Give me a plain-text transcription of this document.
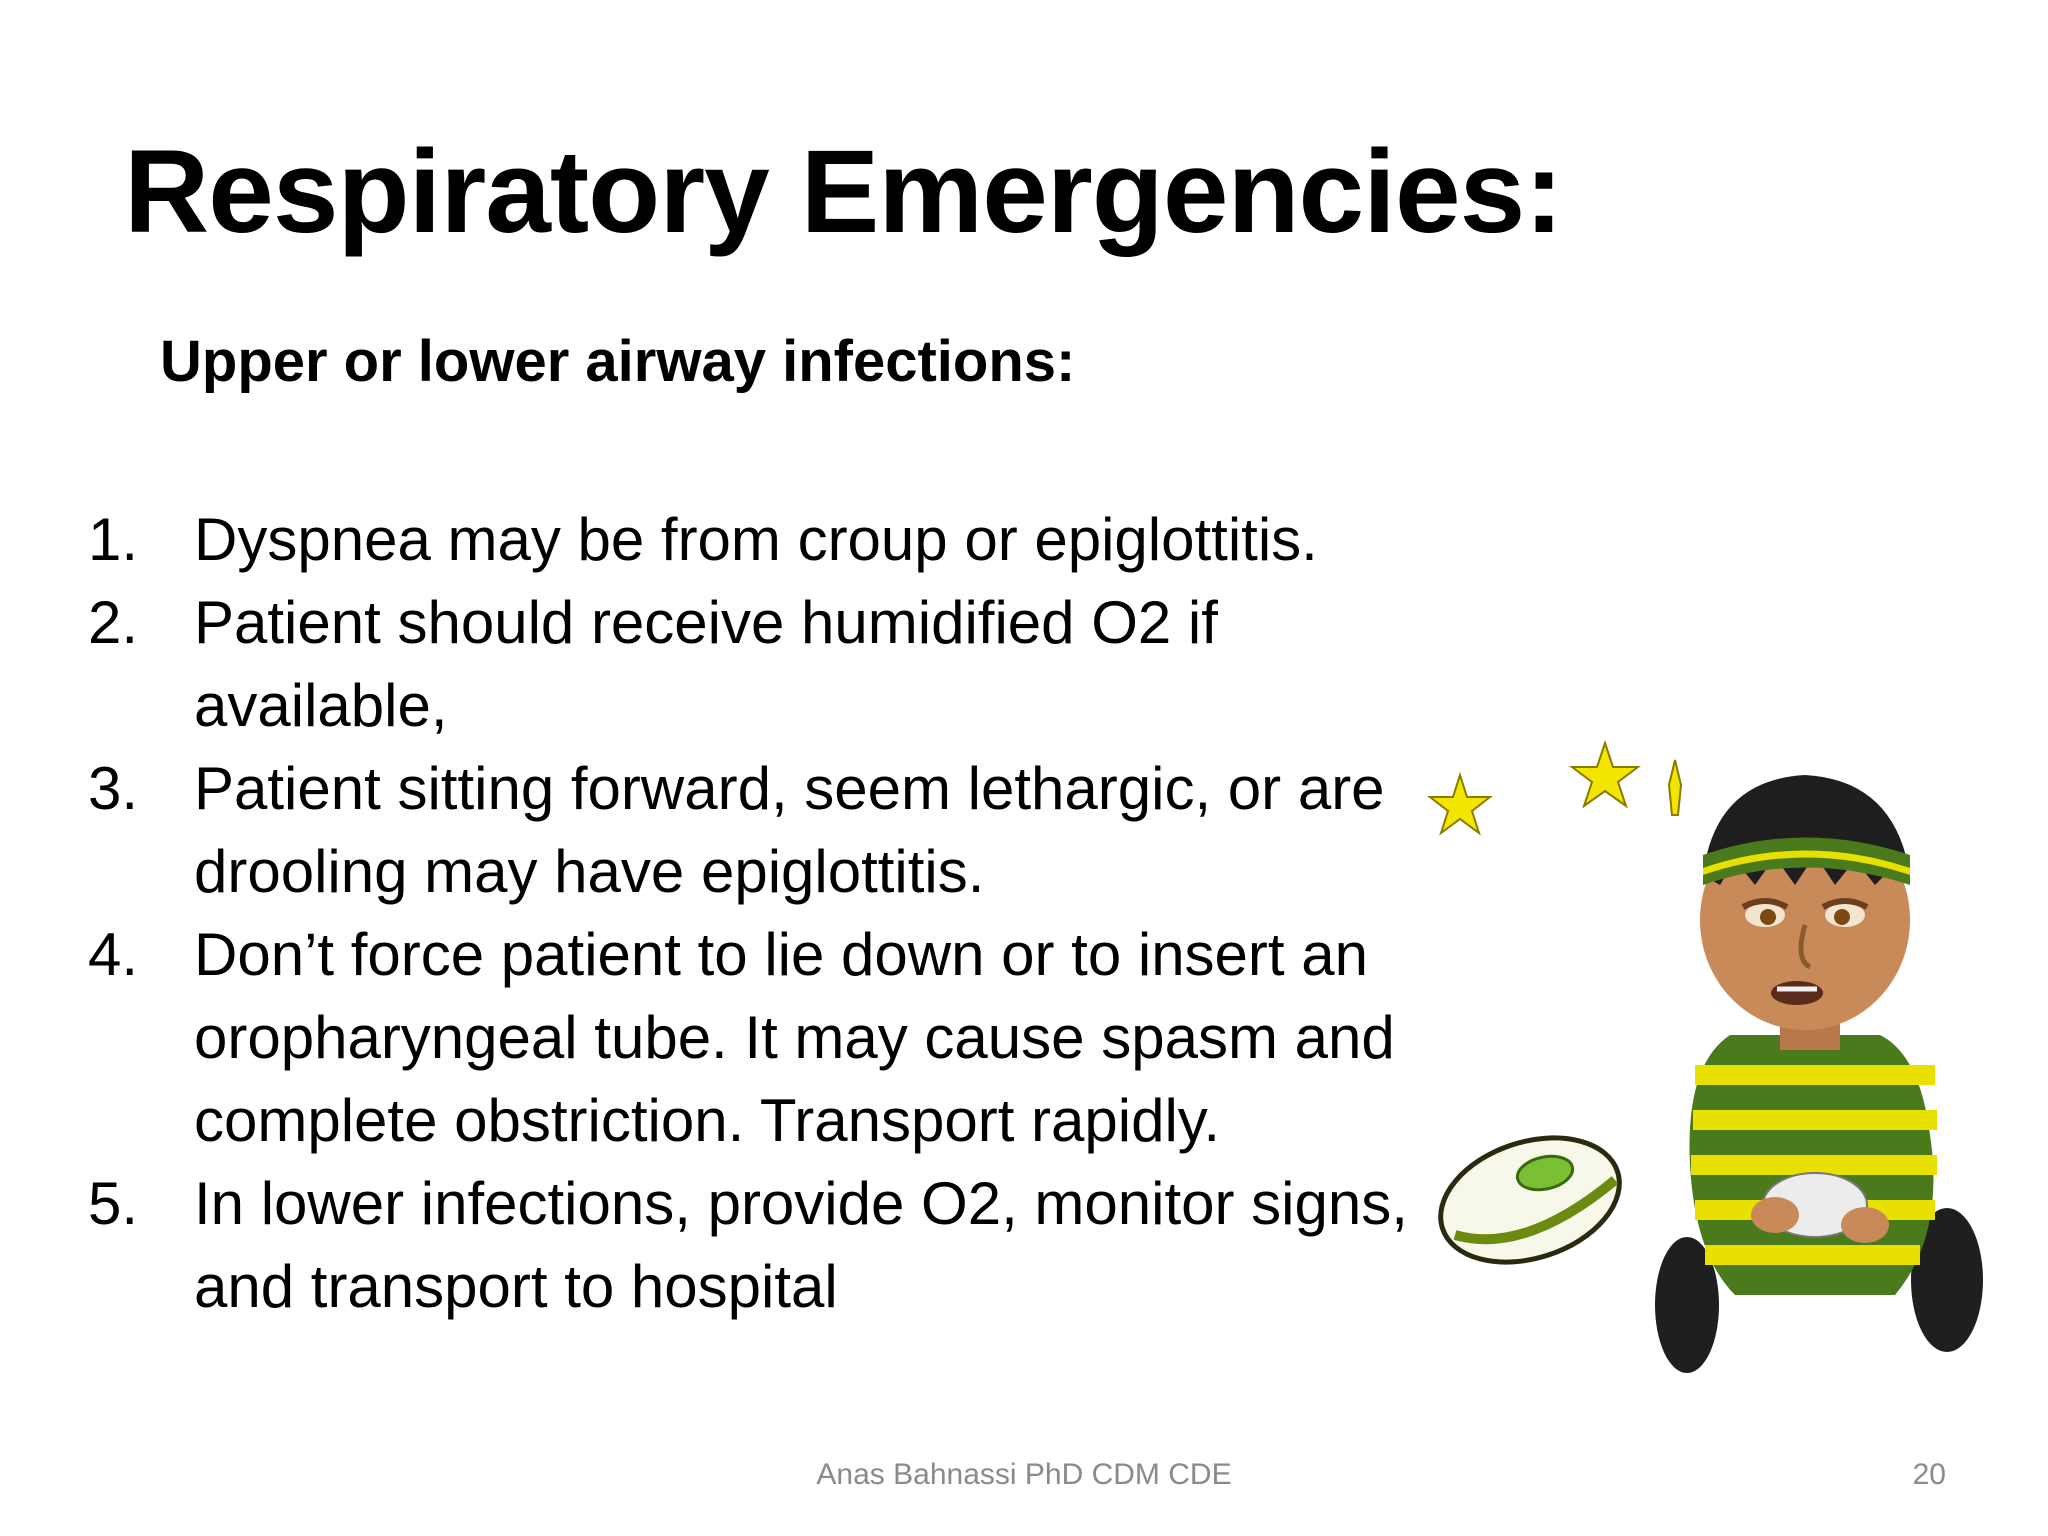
Respiratory Emergencies:
Upper or lower airway infections:
1. Dyspnea may be from croup or epiglottitis.
2. Patient should receive humidified O2 if available,
3. Patient sitting forward, seem lethargic, or are drooling may have epiglottitis.
4. Don’t force patient to lie down or to insert an oropharyngeal tube. It may cause spasm and complete obstriction. Transport rapidly.
5. In lower infections, provide O2, monitor signs, and transport to hospital
Anas Bahnassi PhD CDM CDE	20
